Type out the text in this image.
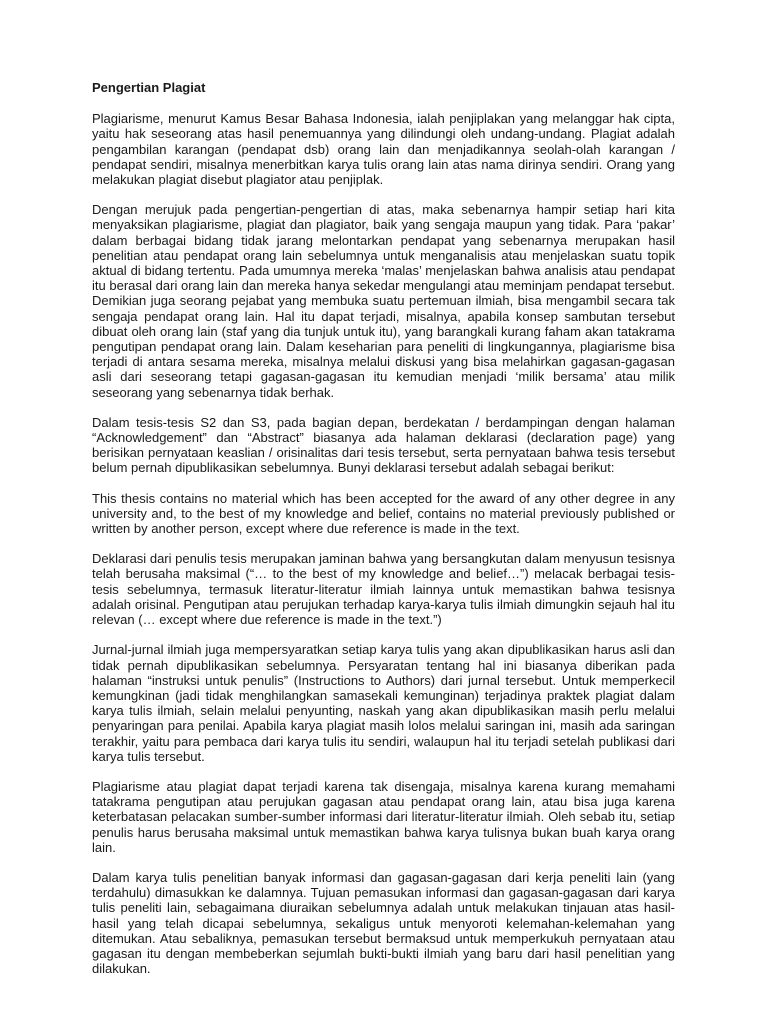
Pengertian Plagiat

Plagiarisme, menurut Kamus Besar Bahasa Indonesia, ialah penjiplakan yang melanggar hak cipta, yaitu hak seseorang atas hasil penemuannya yang dilindungi oleh undang-undang. Plagiat adalah pengambilan karangan (pendapat dsb) orang lain dan menjadikannya seolah-olah karangan / pendapat sendiri, misalnya menerbitkan karya tulis orang lain atas nama dirinya sendiri. Orang yang melakukan plagiat disebut plagiator atau penjiplak.

Dengan merujuk pada pengertian-pengertian di atas, maka sebenarnya hampir setiap hari kita menyaksikan plagiarisme, plagiat dan plagiator, baik yang sengaja maupun yang tidak. Para ‘pakar’ dalam berbagai bidang tidak jarang melontarkan pendapat yang sebenarnya merupakan hasil penelitian atau pendapat orang lain sebelumnya untuk menganalisis atau menjelaskan suatu topik aktual di bidang tertentu. Pada umumnya mereka ‘malas’ menjelaskan bahwa analisis atau pendapat itu berasal dari orang lain dan mereka hanya sekedar mengulangi atau meminjam pendapat tersebut. Demikian juga seorang pejabat yang membuka suatu pertemuan ilmiah, bisa mengambil secara tak sengaja pendapat orang lain. Hal itu dapat terjadi, misalnya, apabila konsep sambutan tersebut dibuat oleh orang lain (staf yang dia tunjuk untuk itu), yang barangkali kurang faham akan tatakrama pengutipan pendapat orang lain. Dalam keseharian para peneliti di lingkungannya, plagiarisme bisa terjadi di antara sesama mereka, misalnya melalui diskusi yang bisa melahirkan gagasan-gagasan asli dari seseorang tetapi gagasan-gagasan itu kemudian menjadi ‘milik bersama’ atau milik seseorang yang sebenarnya tidak berhak.

Dalam tesis-tesis S2 dan S3, pada bagian depan, berdekatan / berdampingan dengan halaman “Acknowledgement” dan “Abstract” biasanya ada halaman deklarasi (declaration page) yang berisikan pernyataan keaslian / orisinalitas dari tesis tersebut, serta pernyataan bahwa tesis tersebut belum pernah dipublikasikan sebelumnya. Bunyi deklarasi tersebut adalah sebagai berikut:

This thesis contains no material which has been accepted for the award of any other degree in any university and, to the best of my knowledge and belief, contains no material previously published or written by another person, except where due reference is made in the text.

Deklarasi dari penulis tesis merupakan jaminan bahwa yang bersangkutan dalam menyusun tesisnya telah berusaha maksimal (“… to the best of my knowledge and belief…”) melacak berbagai tesis-tesis sebelumnya, termasuk literatur-literatur ilmiah lainnya untuk memastikan bahwa tesisnya adalah orisinal. Pengutipan atau perujukan terhadap karya-karya tulis ilmiah dimungkin sejauh hal itu relevan (… except where due reference is made in the text.”)

Jurnal-jurnal ilmiah juga mempersyaratkan setiap karya tulis yang akan dipublikasikan harus asli dan tidak pernah dipublikasikan sebelumnya. Persyaratan tentang hal ini biasanya diberikan pada halaman “instruksi untuk penulis” (Instructions to Authors) dari jurnal tersebut. Untuk memperkecil kemungkinan (jadi tidak menghilangkan samasekali kemunginan) terjadinya praktek plagiat dalam karya tulis ilmiah, selain melalui penyunting, naskah yang akan dipublikasikan masih perlu melalui penyaringan para penilai. Apabila karya plagiat masih lolos melalui saringan ini, masih ada saringan terakhir, yaitu para pembaca dari karya tulis itu sendiri, walaupun hal itu terjadi setelah publikasi dari karya tulis tersebut.

Plagiarisme atau plagiat dapat terjadi karena tak disengaja, misalnya karena kurang memahami tatakrama pengutipan atau perujukan gagasan atau pendapat orang lain, atau bisa juga karena keterbatasan pelacakan sumber-sumber informasi dari literatur-literatur ilmiah. Oleh sebab itu, setiap penulis harus berusaha maksimal untuk memastikan bahwa karya tulisnya bukan buah karya orang lain.

Dalam karya tulis penelitian banyak informasi dan gagasan-gagasan dari kerja peneliti lain (yang terdahulu) dimasukkan ke dalamnya. Tujuan pemasukan informasi dan gagasan-gagasan dari karya tulis peneliti lain, sebagaimana diuraikan sebelumnya adalah untuk melakukan tinjauan atas hasil-hasil yang telah dicapai sebelumnya, sekaligus untuk menyoroti kelemahan-kelemahan yang ditemukan. Atau sebaliknya, pemasukan tersebut bermaksud untuk memperkukuh pernyataan atau gagasan itu dengan membeberkan sejumlah bukti-bukti ilmiah yang baru dari hasil penelitian yang dilakukan.
